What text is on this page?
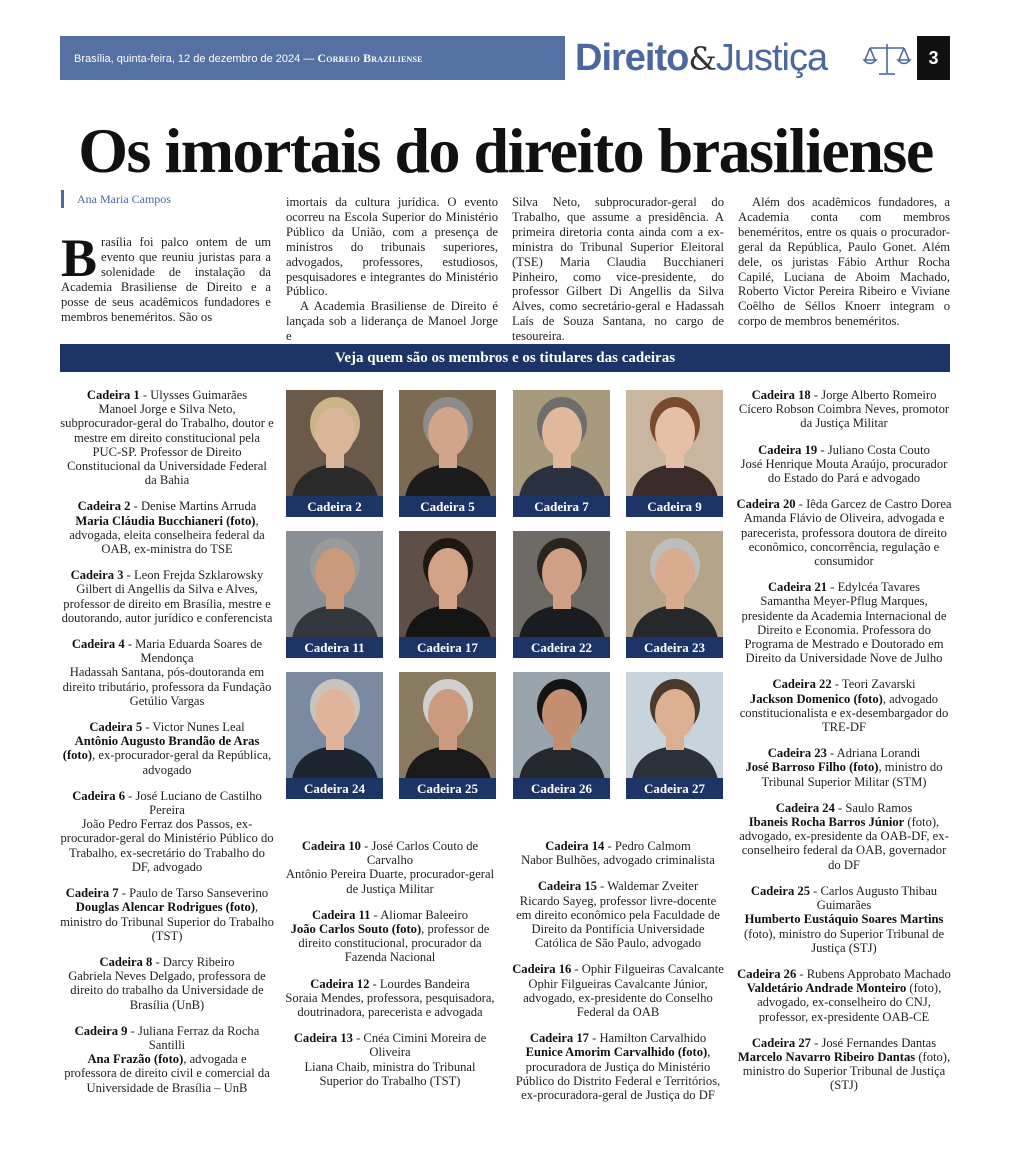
Brasília, quinta-feira, 12 de dezembro de 2024 — Correio Braziliense	Direito&Justiça	3
Os imortais do direito brasiliense
Ana Maria Campos

Brasília foi palco ontem de um evento que reuniu juristas para a solenidade de instalação da Academia Brasiliense de Direito e a posse de seus acadêmicos fundadores e membros beneméritos. São os

imortais da cultura jurídica. O evento ocorreu na Escola Superior do Ministério Público da União, com a presença de ministros do tribunais superiores, advogados, professores, estudiosos, pesquisadores e integrantes do Ministério Público.

A Academia Brasiliense de Direito é lançada sob a liderança de Manoel Jorge e

Silva Neto, subprocurador-geral do Trabalho, que assume a presidência. A primeira diretoria conta ainda com a ex-ministra do Tribunal Superior Eleitoral (TSE) Maria Claudia Bucchianeri Pinheiro, como vice-presidente, do professor Gilbert Di Angellis da Silva Alves, como secretário-geral e Hadassah Laís de Souza Santana, no cargo de tesoureira.

Além dos acadêmicos fundadores, a Academia conta com membros beneméritos, entre os quais o procurador-geral da República, Paulo Gonet. Além dele, os juristas Fábio Arthur Rocha Capilé, Luciana de Aboim Machado, Roberto Victor Pereira Ribeiro e Viviane Coêlho de Séllos Knoerr integram o corpo de membros beneméritos.

Veja quem são os membros e os titulares das cadeiras
Cadeira 1 - Ulysses Guimarães
Manoel Jorge e Silva Neto, subprocurador-geral do Trabalho, doutor e mestre em direito constitucional pela PUC-SP. Professor de Direito Constitucional da Universidade Federal da Bahia
Cadeira 2 - Denise Martins Arruda
Maria Cláudia Bucchianeri (foto), advogada, eleita conselheira federal da OAB, ex-ministra do TSE
Cadeira 3 - Leon Frejda Szklarowsky
Gilbert di Angellis da Silva e Alves, professor de direito em Brasília, mestre e doutorando, autor jurídico e conferencista
Cadeira 4 - Maria Eduarda Soares de Mendonça
Hadassah Santana, pós-doutoranda em direito tributário, professora da Fundação Getúlio Vargas
Cadeira 5 - Victor Nunes Leal
Antônio Augusto Brandão de Aras (foto), ex-procurador-geral da República, advogado
Cadeira 6 - José Luciano de Castilho Pereira
João Pedro Ferraz dos Passos, ex-procurador-geral do Ministério Público do Trabalho, ex-secretário do Trabalho do DF, advogado
Cadeira 7 - Paulo de Tarso Sanseverino
Douglas Alencar Rodrigues (foto), ministro do Tribunal Superior do Trabalho (TST)
Cadeira 8 - Darcy Ribeiro
Gabriela Neves Delgado, professora de direito do trabalho da Universidade de Brasília (UnB)
Cadeira 9 - Juliana Ferraz da Rocha Santilli
Ana Frazão (foto), advogada e professora de direito civil e comercial da Universidade de Brasília – UnB
Cadeira 10 - José Carlos Couto de Carvalho
Antônio Pereira Duarte, procurador-geral de Justiça Militar
Cadeira 11 - Aliomar Baleeiro
João Carlos Souto (foto), professor de direito constitucional, procurador da Fazenda Nacional
Cadeira 12 - Lourdes Bandeira
Soraia Mendes, professora, pesquisadora, doutrinadora, parecerista e advogada
Cadeira 13 - Cnéa Cimini Moreira de Oliveira
Liana Chaib, ministra do Tribunal Superior do Trabalho (TST)
Cadeira 14 - Pedro Calmom
Nabor Bulhões, advogado criminalista
Cadeira 15 - Waldemar Zveiter
Ricardo Sayeg, professor livre-docente em direito econômico pela Faculdade de Direito da Pontifícia Universidade Católica de São Paulo, advogado
Cadeira 16 - Ophir Filgueiras Cavalcante
Ophir Filgueiras Cavalcante Júnior, advogado, ex-presidente do Conselho Federal da OAB
Cadeira 17 - Hamilton Carvalhido
Eunice Amorim Carvalhido (foto), procuradora de Justiça do Ministério Público do Distrito Federal e Territórios, ex-procuradora-geral de Justiça do DF
Cadeira 18 - Jorge Alberto Romeiro
Cícero Robson Coimbra Neves, promotor da Justiça Militar
Cadeira 19 - Juliano Costa Couto
José Henrique Mouta Araújo, procurador do Estado do Pará e advogado
Cadeira 20 - Iêda Garcez de Castro Dorea
Amanda Flávio de Oliveira, advogada e parecerista, professora doutora de direito econômico, concorrência, regulação e consumidor
Cadeira 21 - Edylcéa Tavares
Samantha Meyer-Pflug Marques, presidente da Academia Internacional de Direito e Economia. Professora do Programa de Mestrado e Doutorado em Direito da Universidade Nove de Julho
Cadeira 22 - Teori Zavarski
Jackson Domenico (foto), advogado constitucionalista e ex-desembargador do TRE-DF
Cadeira 23 - Adriana Lorandi
José Barroso Filho (foto), ministro do Tribunal Superior Militar (STM)
Cadeira 24 - Saulo Ramos
Ibaneis Rocha Barros Júnior (foto), advogado, ex-presidente da OAB-DF, ex-conselheiro federal da OAB, governador do DF
Cadeira 25 - Carlos Augusto Thibau Guimarães
Humberto Eustáquio Soares Martins (foto), ministro do Superior Tribunal de Justiça (STJ)
Cadeira 26 - Rubens Approbato Machado
Valdetário Andrade Monteiro (foto), advogado, ex-conselheiro do CNJ, professor, ex-presidente OAB-CE
Cadeira 27 - José Fernandes Dantas
Marcelo Navarro Ribeiro Dantas (foto), ministro do Superior Tribunal de Justiça (STJ)
Cadeira 2	Cadeira 5	Cadeira 7	Cadeira 9
Cadeira 11	Cadeira 17	Cadeira 22	Cadeira 23
Cadeira 24	Cadeira 25	Cadeira 26	Cadeira 27
